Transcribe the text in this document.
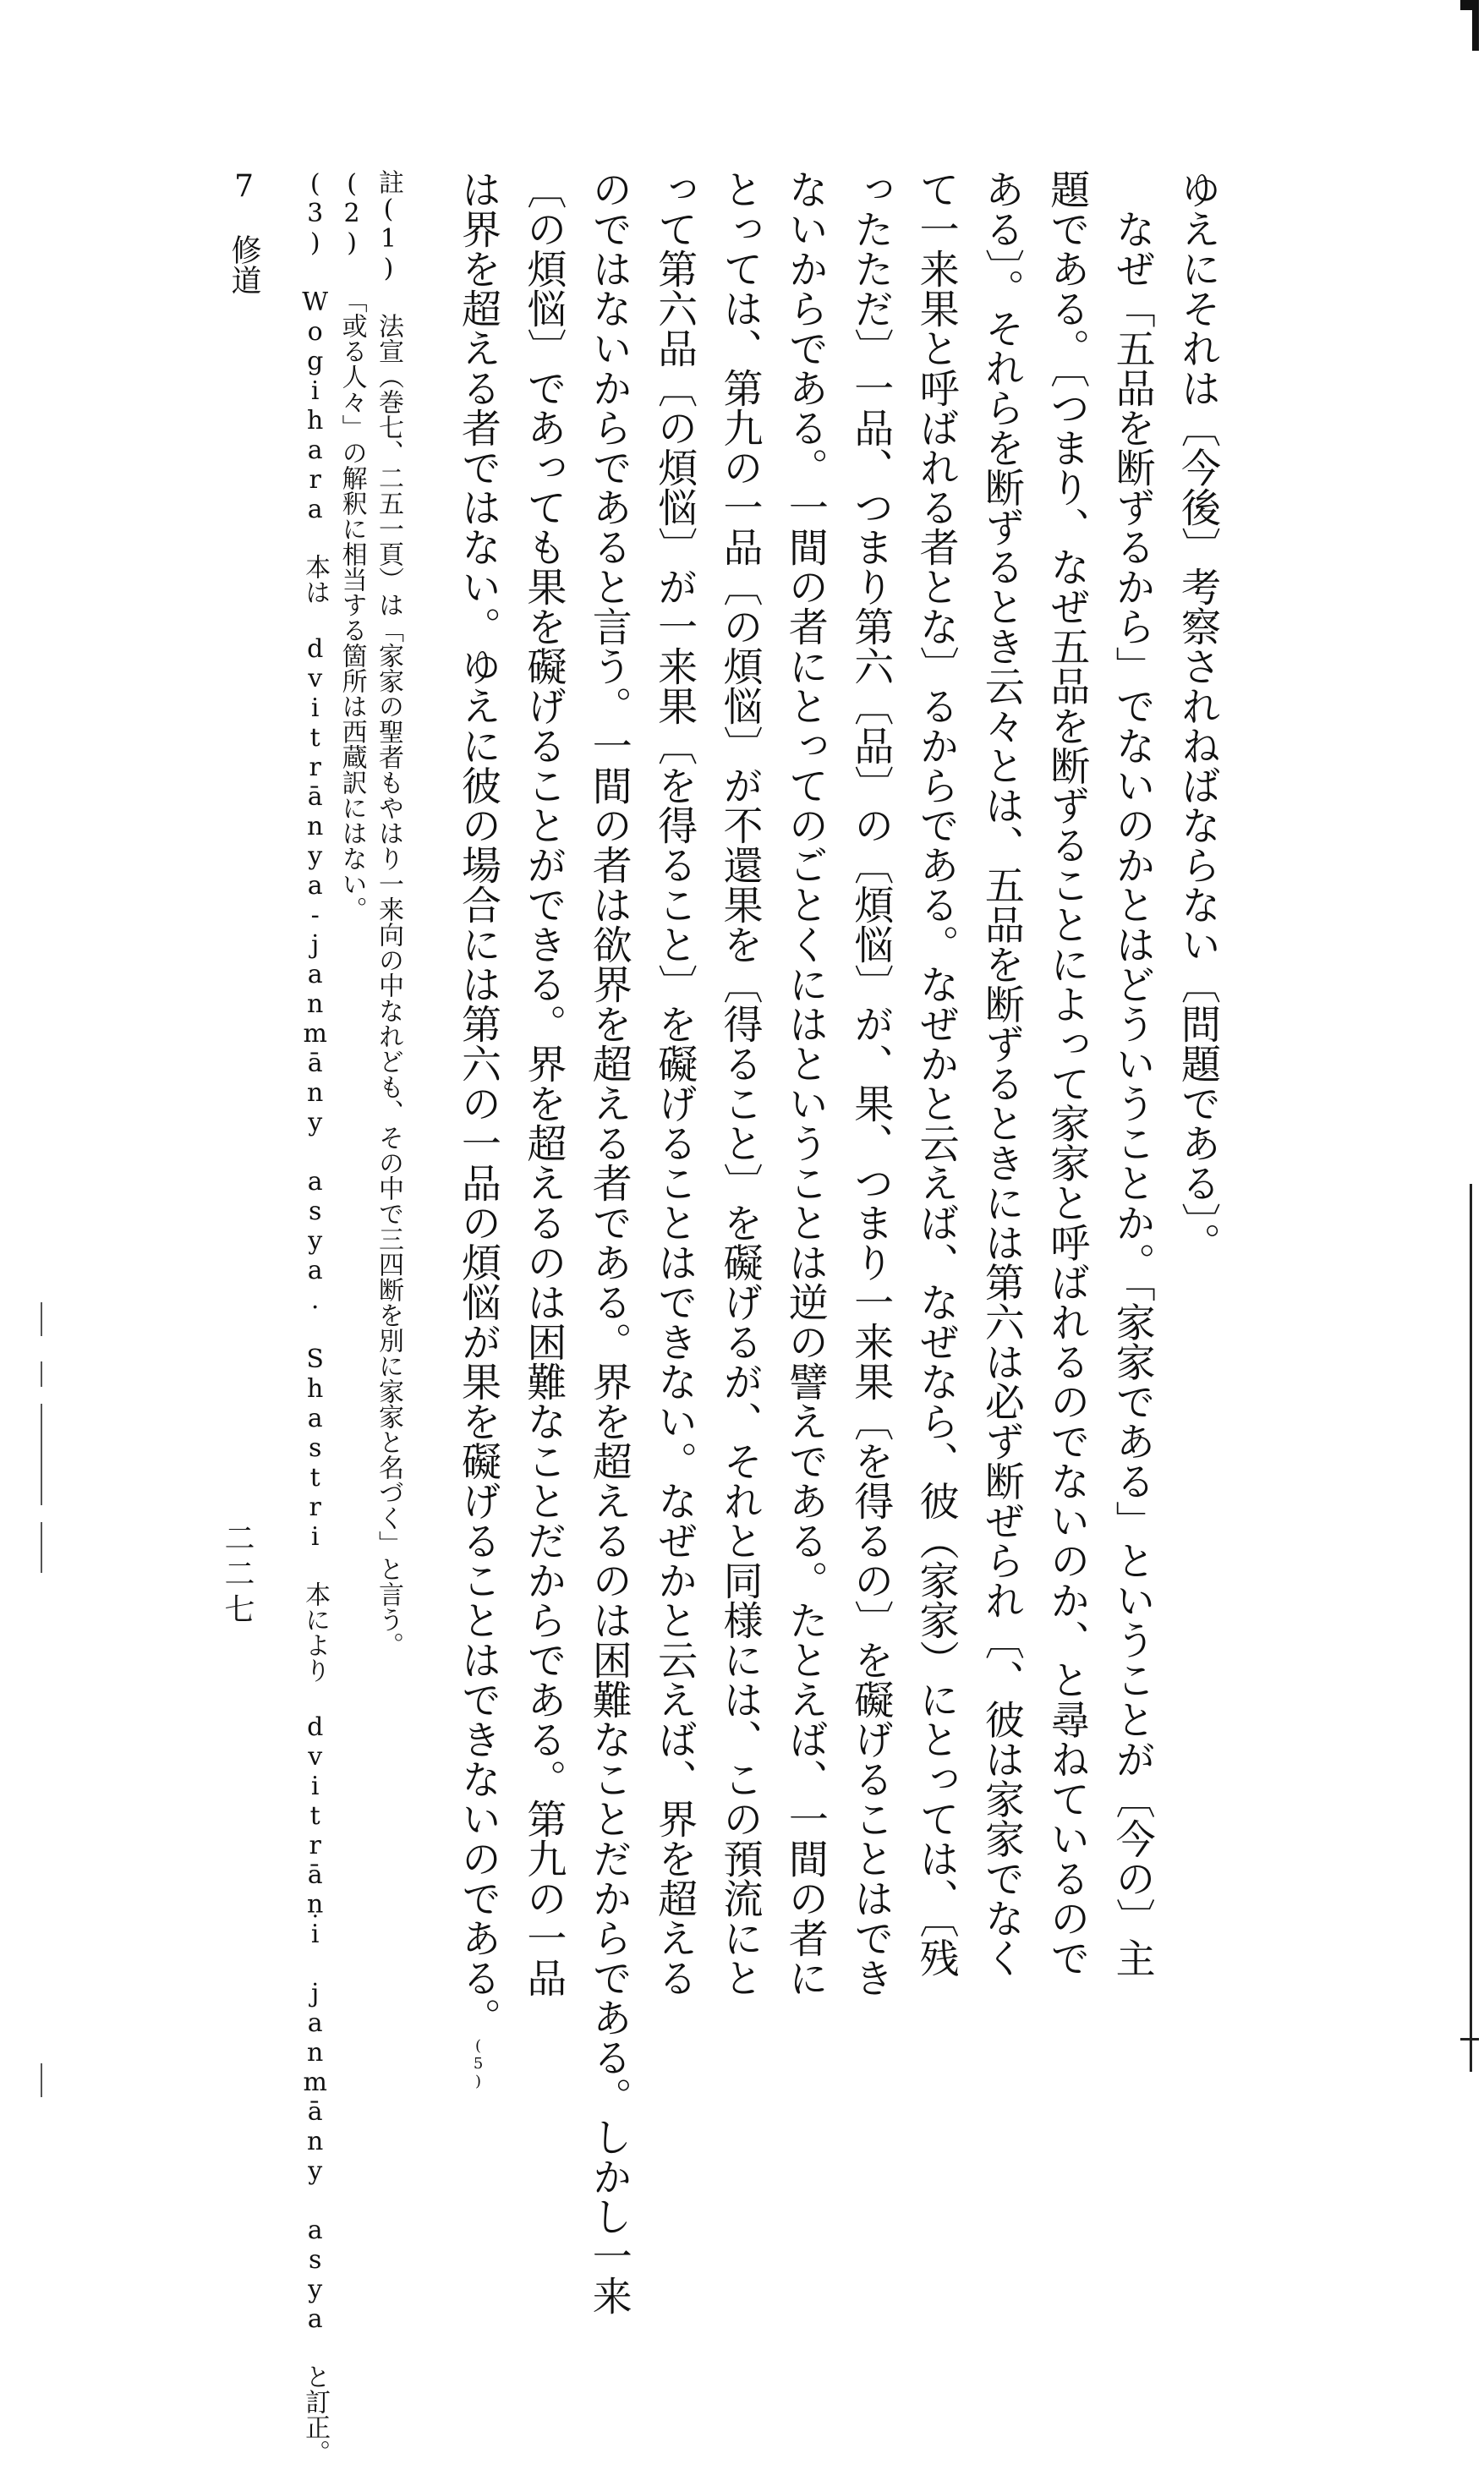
ゆえにそれは〔今後〕考察されねばならない〔問題である〕。
なぜ「五品を断ずるから」でないのかとはどういうことか。「家家である」ということが〔今の〕主
題である。〔つまり、なぜ五品を断ずることによって家家と呼ばれるのでないのか、と尋ねているので
ある〕。それらを断ずるとき云々とは、五品を断ずるときには第六は必ず断ぜられ〔、彼は家家でなく
て一来果と呼ばれる者とな〕るからである。なぜかと云えば、なぜなら、彼（家家）にとっては、〔残
ったただ〕一品、つまり第六〔品〕の〔煩悩〕が、果、つまり一来果〔を得るの〕を礙げることはでき
ないからである。一間の者にとってのごとくにはということは逆の譬えである。たとえば、一間の者に
とっては、第九の一品〔の煩悩〕が不還果を〔得ること〕を礙げるが、それと同様には、この預流にと
って第六品〔の煩悩〕が一来果〔を得ること〕を礙げることはできない。なぜかと云えば、界を超える
のではないからであると言う。一間の者は欲界を超える者である。界を超えるのは困難なことだからである。しかし一来
〔の煩悩〕であっても果を礙げることができる。界を超えるのは困難なことだからである。第九の一品
は界を超える者ではない。ゆえに彼の場合には第六の一品の煩悩が果を礙げることはできないのである。(5)
註(1) 法宣（巻七、二五一頁）は「家家の聖者もやはり一来向の中なれども、その中で三四断を別に家家と名づく」と言う。
(2) 「或る人々」の解釈に相当する箇所は西蔵訳にはない。
(3) Wogihara 本は dvitrānya-janmāny asya. Shastri 本により dvitrāṇi janmāny asya と訂正。
7　修道
二二七
